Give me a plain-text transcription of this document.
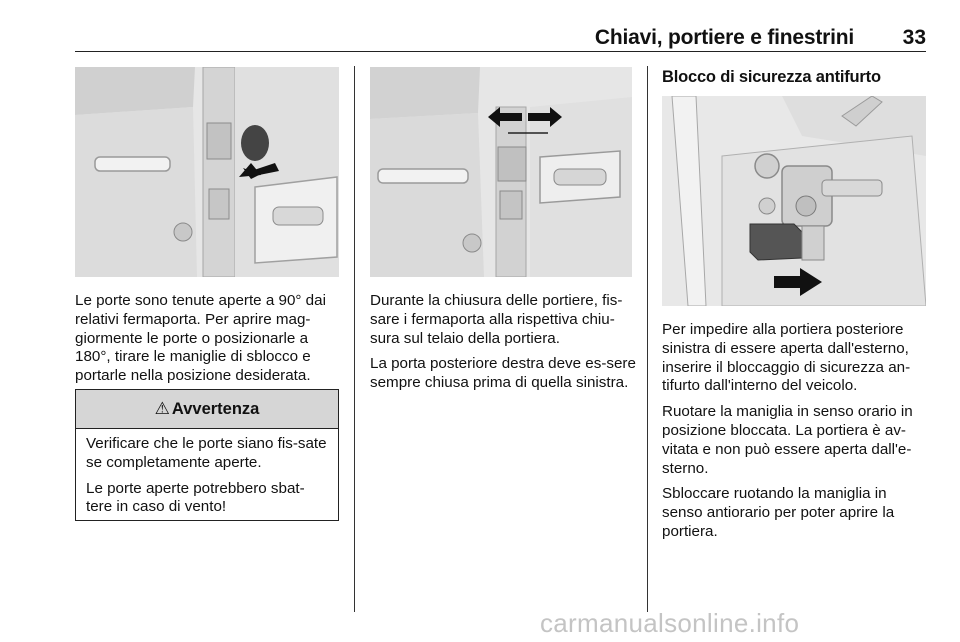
Chiavi, portiere e finestrini 33
Le porte sono tenute aperte a 90° dai relativi fermaporta. Per aprire mag-giormente le porte o posizionarle a 180°, tirare le maniglie di sblocco e portarle nella posizione desiderata.
⚠ Avvertenza

Verificare che le porte siano fis-sate se completamente aperte.

Le porte aperte potrebbero sbat-tere in caso di vento!

Durante la chiusura delle portiere, fis-sare i fermaporta alla rispettiva chiu-sura sul telaio della portiera.

La porta posteriore destra deve es-sere sempre chiusa prima di quella sinistra.

Blocco di sicurezza antifurto

Per impedire alla portiera posteriore sinistra di essere aperta dall'esterno, inserire il bloccaggio di sicurezza an-tifurto dall'interno del veicolo.

Ruotare la maniglia in senso orario in posizione bloccata. La portiera è av-vitata e non può essere aperta dall'e-sterno.

Sbloccare ruotando la maniglia in senso antiorario per poter aprire la portiera.

carmanualsonline.info
